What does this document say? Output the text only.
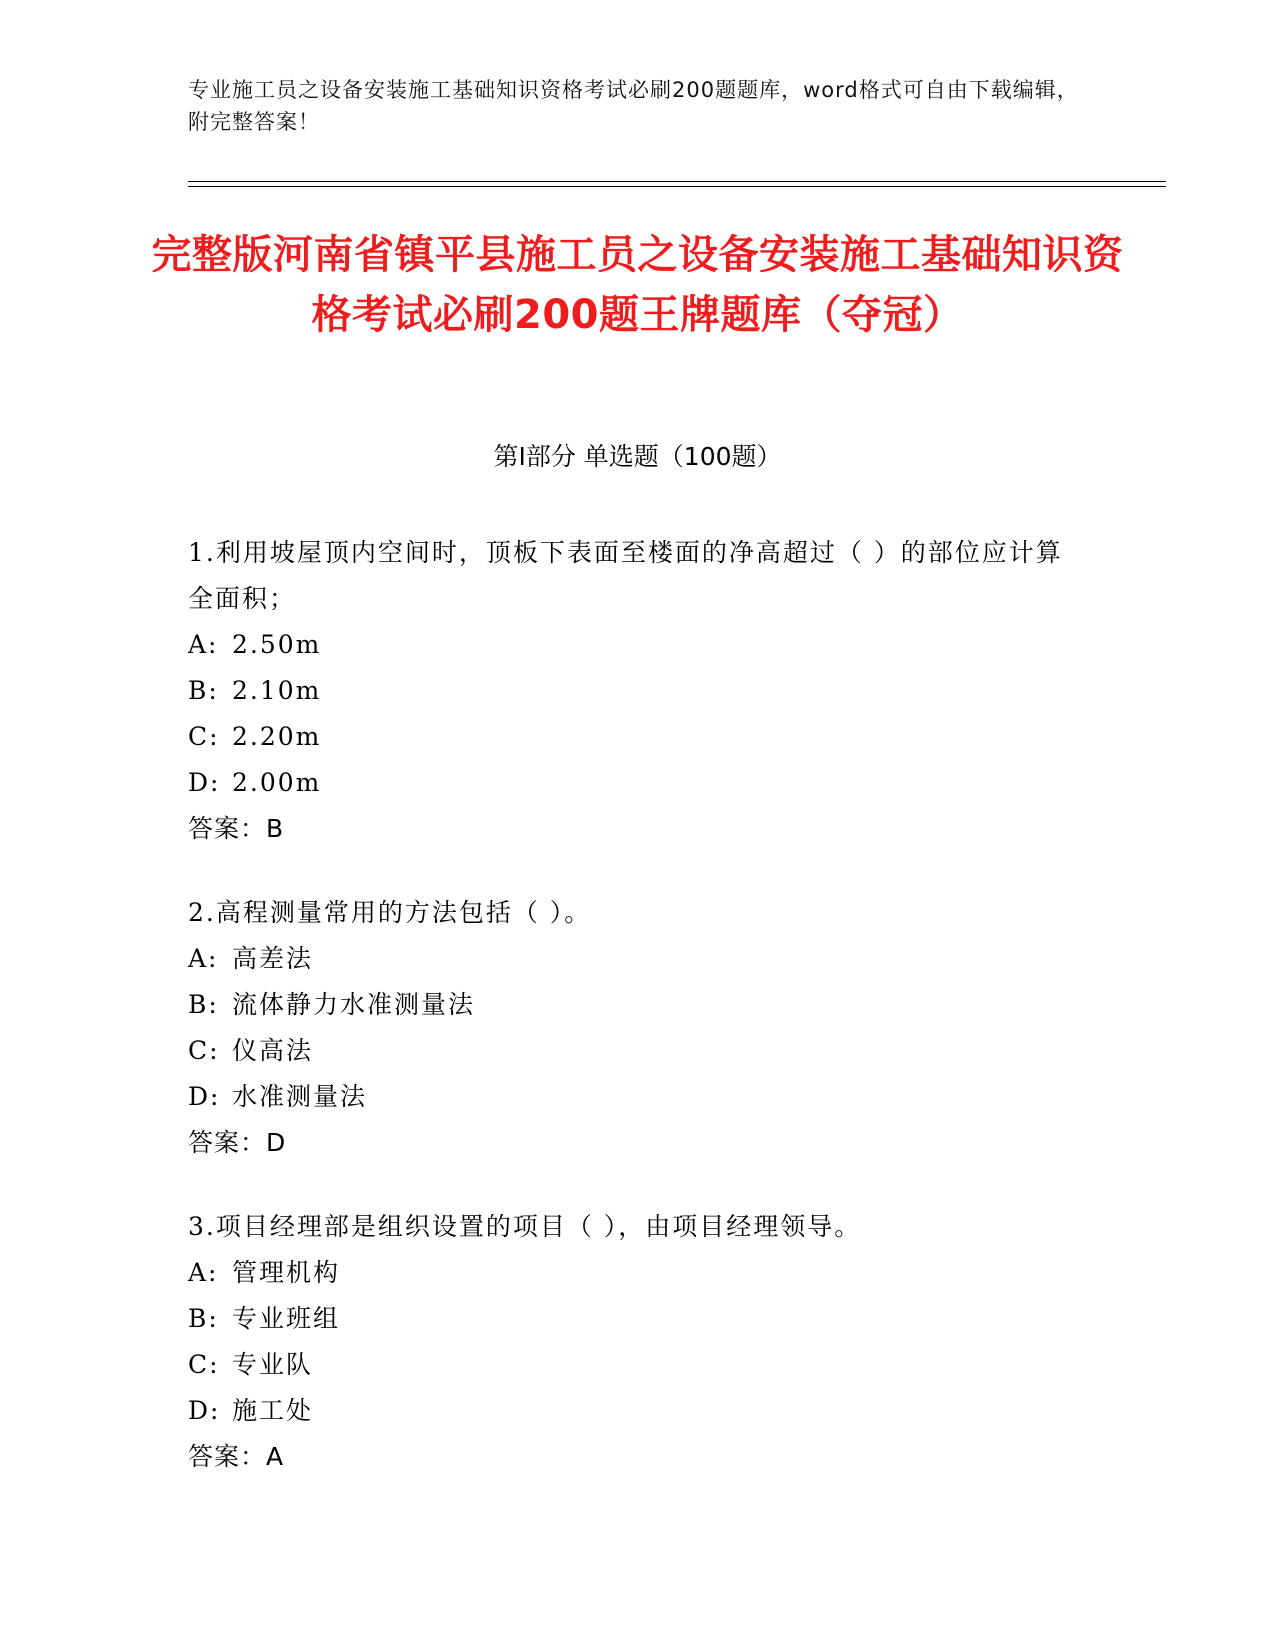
专业施工员之设备安装施工基础知识资格考试必刷200题题库，word格式可自由下载编辑，附完整答案！
完整版河南省镇平县施工员之设备安装施工基础知识资格考试必刷200题王牌题库（夺冠）
第I部分 单选题（100题）
1.利用坡屋顶内空间时，顶板下表面至楼面的净高超过（ ）的部位应计算全面积；
A: 2.50m
B: 2.10m
C: 2.20m
D: 2.00m
答案：B
2.高程测量常用的方法包括（ ）。
A: 高差法
B: 流体静力水准测量法
C: 仪高法
D: 水准测量法
答案：D
3.项目经理部是组织设置的项目（ ），由项目经理领导。
A: 管理机构
B: 专业班组
C: 专业队
D: 施工处
答案：A
